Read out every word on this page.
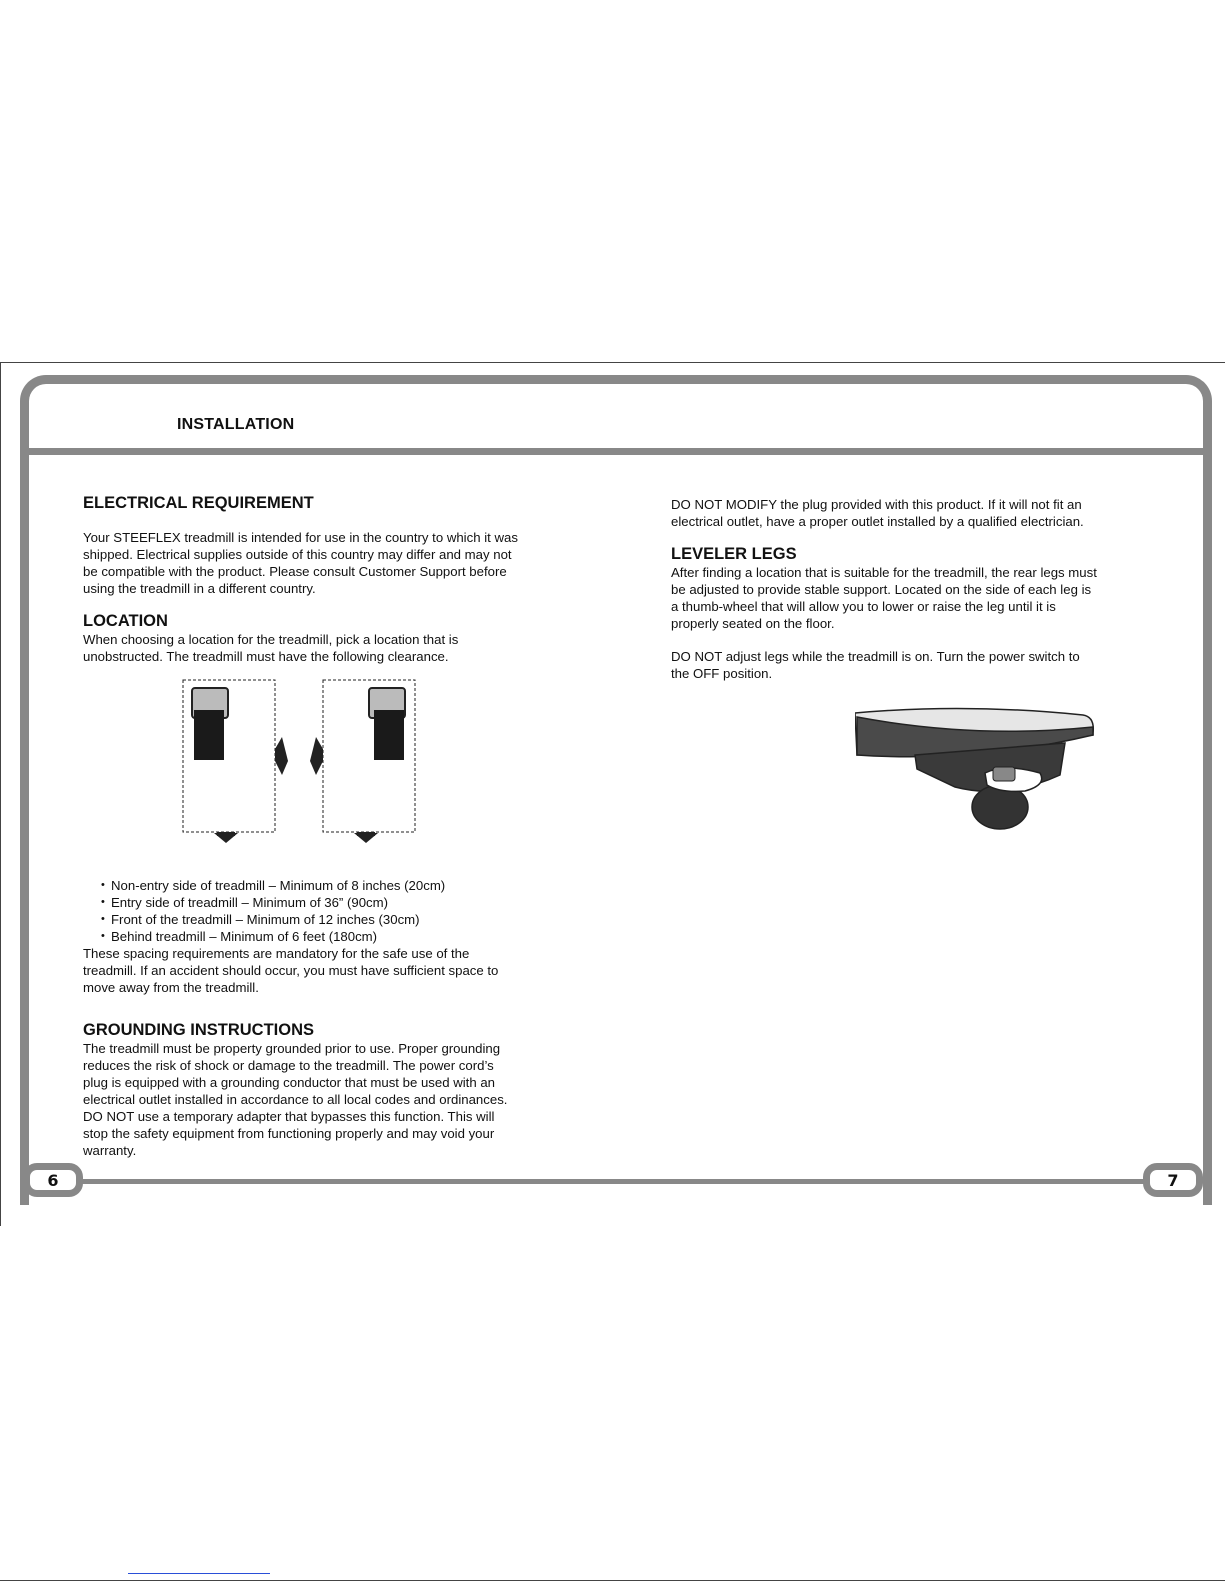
INSTALLATION
ELECTRICAL REQUIREMENT

Your STEEFLEX treadmill is intended for use in the country to which it was

shipped. Electrical supplies outside of this country may differ and may not

be compatible with the product. Please consult Customer Support before

using the treadmill in a different country.

LOCATION

When choosing a location for the treadmill, pick a location that is

unobstructed. The treadmill must have the following clearance.

• Non-entry side of treadmill – Minimum of 8 inches (20cm)
• Entry side of treadmill – Minimum of 36” (90cm)
• Front of the treadmill – Minimum of 12 inches (30cm)
• Behind treadmill – Minimum of 6 feet (180cm)

These spacing requirements are mandatory for the safe use of the

treadmill. If an accident should occur, you must have sufficient space to

move away from the treadmill.

GROUNDING INSTRUCTIONS

The treadmill must be property grounded prior to use. Proper grounding

reduces the risk of shock or damage to the treadmill. The power cord’s

plug is equipped with a grounding conductor that must be used with an

electrical outlet installed in accordance to all local codes and ordinances.

DO NOT use a temporary adapter that bypasses this function. This will

stop the safety equipment from functioning properly and may void your

warranty.

DO NOT MODIFY the plug provided with this product. If it will not fit an

electrical outlet, have a proper outlet installed by a qualified electrician.

LEVELER LEGS

After finding a location that is suitable for the treadmill, the rear legs must

be adjusted to provide stable support. Located on the side of each leg is

a thumb-wheel that will allow you to lower or raise the leg until it is

properly seated on the floor.

DO NOT adjust legs while the treadmill is on. Turn the power switch to

the OFF position.

6	7
